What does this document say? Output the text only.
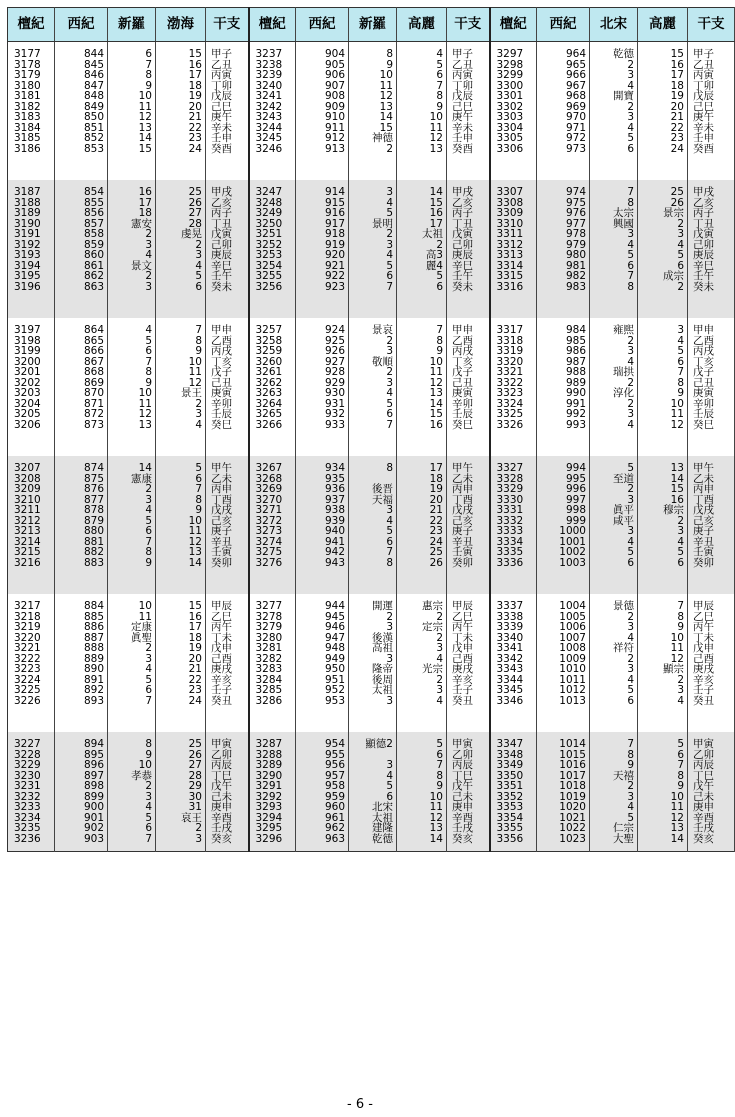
檀紀	西紀	新羅	渤海	干支	檀紀	西紀	新羅	高麗	干支	檀紀	西紀	北宋	高麗	干支

3177	844	6	15	甲子	3237	904	8	4	甲子	3297	964	乾德	15	甲子
3178	845	7	16	乙丑	3238	905	9	5	乙丑	3298	965	2	16	乙丑
3179	846	8	17	丙寅	3239	906	10	6	丙寅	3299	966	3	17	丙寅
3180	847	9	18	丁卯	3240	907	11	7	丁卯	3300	967	4	18	丁卯
3181	848	10	19	戊辰	3241	908	12	8	戊辰	3301	968	開寶	19	戊辰
3182	849	11	20	己巳	3242	909	13	9	己巳	3302	969	2	20	己巳
3183	850	12	21	庚午	3243	910	14	10	庚午	3303	970	3	21	庚午
3184	851	13	22	辛未	3244	911	15	11	辛未	3304	971	4	22	辛未
3185	852	14	23	壬申	3245	912	神德	12	壬申	3305	972	5	23	壬申
3186	853	15	24	癸酉	3246	913	2	13	癸酉	3306	973	6	24	癸酉

3187	854	16	25	甲戌	3247	914	3	14	甲戌	3307	974	7	25	甲戌
3188	855	17	26	乙亥	3248	915	4	15	乙亥	3308	975	8	26	乙亥
3189	856	18	27	丙子	3249	916	5	16	丙子	3309	976	太宗	景宗	丙子
3190	857	憲安	28	丁丑	3250	917	景明	17	丁丑	3310	977	興國	2	丁丑
3191	858	2	虔晃	戊寅	3251	918	2	太祖	戊寅	3311	978	3	3	戊寅
3192	859	3	2	己卯	3252	919	3	2	己卯	3312	979	4	4	己卯
3193	860	4	3	庚辰	3253	920	4	高3	庚辰	3313	980	5	5	庚辰
3194	861	景文	4	辛巳	3254	921	5	麗4	辛巳	3314	981	6	6	辛巳
3195	862	2	5	壬午	3255	922	6	5	壬午	3315	982	7	成宗	壬午
3196	863	3	6	癸未	3256	923	7	6	癸未	3316	983	8	2	癸未

3197	864	4	7	甲申	3257	924	景哀	7	甲申	3317	984	雍熙	3	甲申
3198	865	5	8	乙酉	3258	925	2	8	乙酉	3318	985	2	4	乙酉
3199	866	6	9	丙戌	3259	926	3	9	丙戌	3319	986	3	5	丙戌
3200	867	7	10	丁亥	3260	927	敬順	10	丁亥	3320	987	4	6	丁亥
3201	868	8	11	戊子	3261	928	2	11	戊子	3321	988	瑞拱	7	戊子
3202	869	9	12	己丑	3262	929	3	12	己丑	3322	989	2	8	己丑
3203	870	10	景王	庚寅	3263	930	4	13	庚寅	3323	990	淳化	9	庚寅
3204	871	11	2	辛卯	3264	931	5	14	辛卯	3324	991	2	10	辛卯
3205	872	12	3	壬辰	3265	932	6	15	壬辰	3325	992	3	11	壬辰
3206	873	13	4	癸巳	3266	933	7	16	癸巳	3326	993	4	12	癸巳

3207	874	14	5	甲午	3267	934	8	17	甲午	3327	994	5	13	甲午
3208	875	憲康	6	乙未	3268	935		18	乙未	3328	995	至道	14	乙未
3209	876	2	7	丙申	3269	936	後晋	19	丙申	3329	996	2	15	丙申
3210	877	3	8	丁酉	3270	937	天福	20	丁酉	3330	997	3	16	丁酉
3211	878	4	9	戊戌	3271	938	3	21	戊戌	3331	998	眞平	穆宗	戊戌
3212	879	5	10	己亥	3272	939	4	22	己亥	3332	999	咸平	2	己亥
3213	880	6	11	庚子	3273	940	5	23	庚子	3333	1000	3	3	庚子
3214	881	7	12	辛丑	3274	941	6	24	辛丑	3334	1001	4	4	辛丑
3215	882	8	13	壬寅	3275	942	7	25	壬寅	3335	1002	5	5	壬寅
3216	883	9	14	癸卯	3276	943	8	26	癸卯	3336	1003	6	6	癸卯

3217	884	10	15	甲辰	3277	944	開運	惠宗	甲辰	3337	1004	景德	7	甲辰
3218	885	11	16	乙巳	3278	945	2	2	乙巳	3338	1005	2	8	乙巳
3219	886	定康	17	丙午	3279	946	3	定宗	丙午	3339	1006	3	9	丙午
3220	887	眞聖	18	丁未	3280	947	後漢	2	丁未	3340	1007	4	10	丁未
3221	888	2	19	戊申	3281	948	高祖	3	戊申	3341	1008	祥符	11	戊申
3222	889	3	20	己酉	3282	949	3	4	己酉	3342	1009	2	12	己酉
3223	890	4	21	庚戌	3283	950	隆帝	光宗	庚戌	3343	1010	3	顯宗	庚戌
3224	891	5	22	辛亥	3284	951	後周	2	辛亥	3344	1011	4	2	辛亥
3225	892	6	23	壬子	3285	952	太祖	3	壬子	3345	1012	5	3	壬子
3226	893	7	24	癸丑	3286	953	3	4	癸丑	3346	1013	6	4	癸丑

3227	894	8	25	甲寅	3287	954	顯德2	5	甲寅	3347	1014	7	5	甲寅
3228	895	9	26	乙卯	3288	955		6	乙卯	3348	1015	8	6	乙卯
3229	896	10	27	丙辰	3289	956	3	7	丙辰	3349	1016	9	7	丙辰
3230	897	孝恭	28	丁巳	3290	957	4	8	丁巳	3350	1017	天禧	8	丁巳
3231	898	2	29	戊午	3291	958	5	9	戊午	3351	1018	2	9	戊午
3232	899	3	30	己未	3292	959	6	10	己未	3352	1019	3	10	己未
3233	900	4	31	庚申	3293	960	北宋	11	庚申	3353	1020	4	11	庚申
3234	901	5	哀王	辛酉	3294	961	太祖	12	辛酉	3354	1021	5	12	辛酉
3235	902	6	2	壬戌	3295	962	建隆	13	壬戌	3355	1022	仁宗	13	壬戌
3236	903	7	3	癸亥	3296	963	乾德	14	癸亥	3356	1023	大聖	14	癸亥

- 6 -
